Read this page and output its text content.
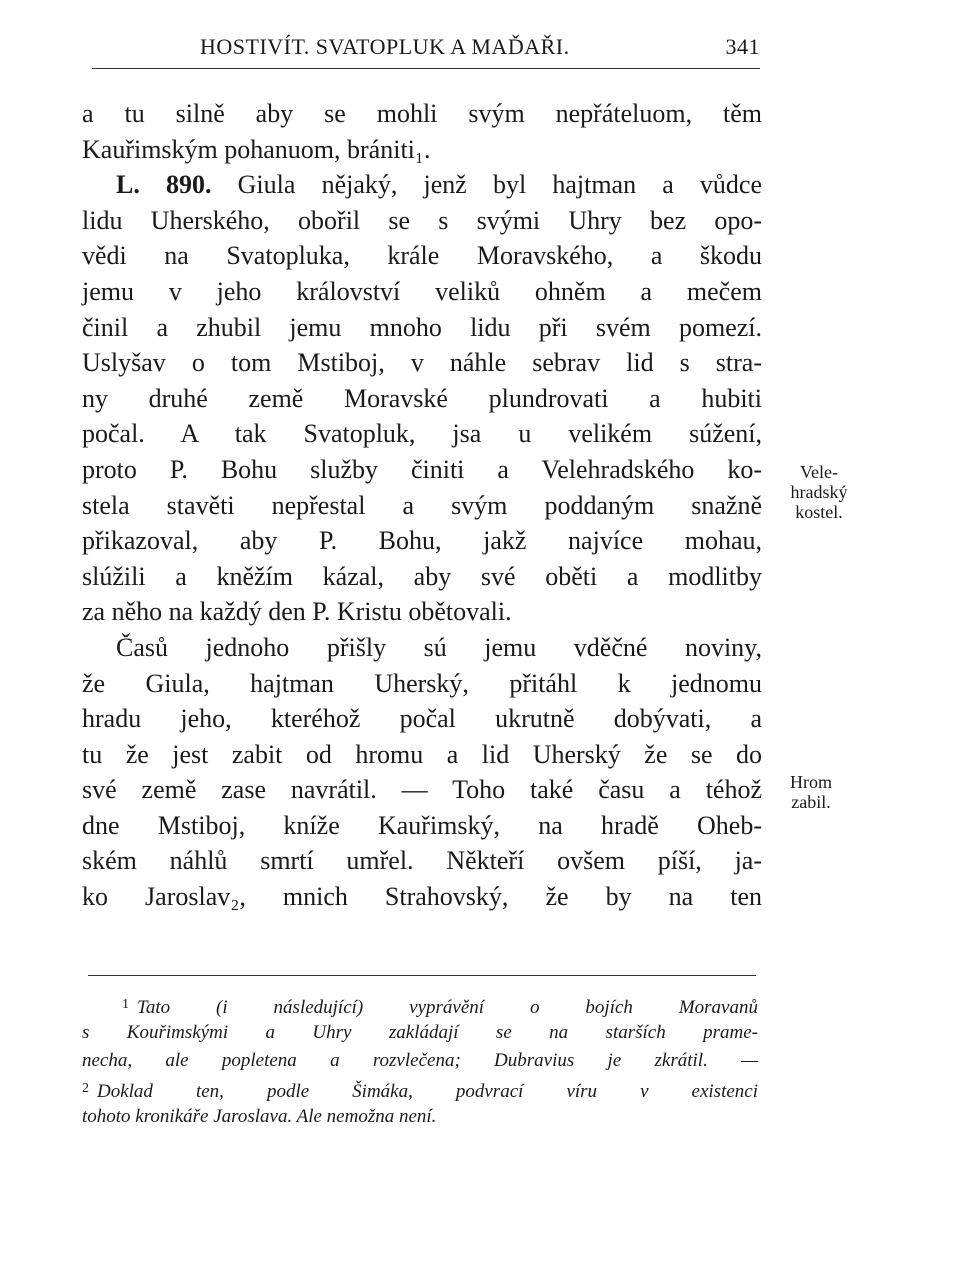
HOSTIVÍT. SVATOPLUK A MAĎAŘI.	341
a tu silně aby se mohli svým nepřáteluom, těm
Kauřimským pohanuom, brániti₁.
L. 890. Giula nějaký, jenž byl hajtman a vůdce
lidu Uherského, obořil se s svými Uhry bez opo-
vědi na Svatopluka, krále Moravského, a škodu
jemu v jeho království veliků ohněm a mečem
činil a zhubil jemu mnoho lidu při svém pomezí.
Uslyšav o tom Mstiboj, v náhle sebrav lid s stra-
ny druhé země Moravské plundrovati a hubiti
počal. A tak Svatopluk, jsa u velikém súžení,
proto P. Bohu služby činiti a Velehradského ko-
stela stavěti nepřestal a svým poddaným snažně
přikazoval, aby P. Bohu, jakž najvíce mohau,
slúžili a kněžím kázal, aby své oběti a modlitby
za něho na každý den P. Kristu obětovali.
Časů jednoho přišly sú jemu vděčné noviny,
že Giula, hajtman Uherský, přitáhl k jednomu
hradu jeho, kteréhož počal ukrutně dobývati, a
tu že jest zabit od hromu a lid Uherský že se do
své země zase navrátil. — Toho také času a téhož
dne Mstiboj, kníže Kauřimský, na hradě Oheb-
ském náhlů smrtí umřel. Někteří ovšem píší, ja-
ko Jaroslav₂, mnich Strahovský, že by na ten
Vele-
hradský
kostel.
Hrom
zabil.
$^1$ Tato (i následující) vyprávění o bojích Moravanů
s Kouřimskými a Uhry zakládají se na starších prame-
necha, ale popletena a rozvlečena; Dubravius je zkrátil. —
$^2$ Doklad ten, podle Šimáka, podvrací víru v existenci
tohoto kronikáře Jaroslava. Ale nemožna není.
